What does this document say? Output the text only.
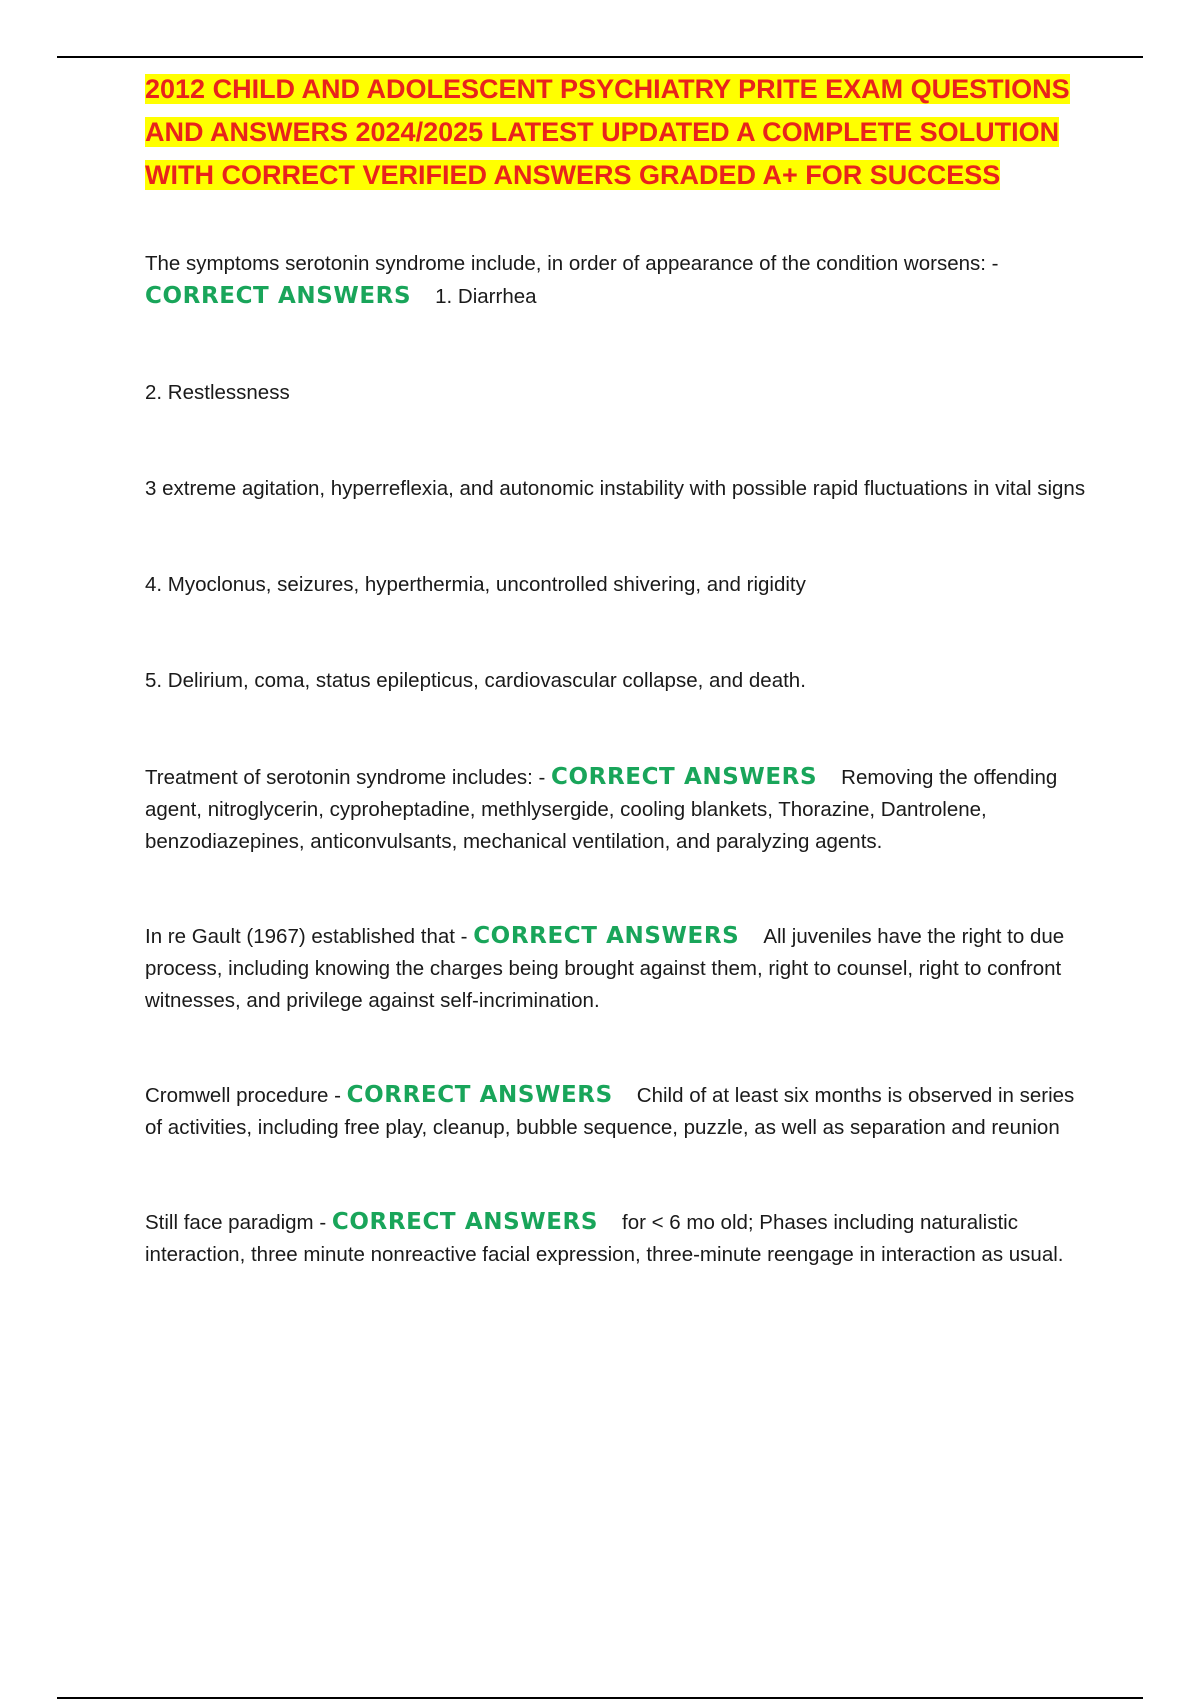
2012 CHILD AND ADOLESCENT PSYCHIATRY PRITE EXAM QUESTIONS AND ANSWERS 2024/2025 LATEST UPDATED A COMPLETE SOLUTION WITH CORRECT VERIFIED ANSWERS GRADED A+ FOR SUCCESS

The symptoms serotonin syndrome include, in order of appearance of the condition worsens: -
CORRECT ANSWERS 1. Diarrhea

2. Restlessness

3 extreme agitation, hyperreflexia, and autonomic instability with possible rapid fluctuations in vital signs

4. Myoclonus, seizures, hyperthermia, uncontrolled shivering, and rigidity

5. Delirium, coma, status epilepticus, cardiovascular collapse, and death.

Treatment of serotonin syndrome includes: - CORRECT ANSWERS Removing the offending agent, nitroglycerin, cyproheptadine, methlysergide, cooling blankets, Thorazine, Dantrolene, benzodiazepines, anticonvulsants, mechanical ventilation, and paralyzing agents.

In re Gault (1967) established that - CORRECT ANSWERS All juveniles have the right to due process, including knowing the charges being brought against them, right to counsel, right to confront witnesses, and privilege against self-incrimination.

Cromwell procedure - CORRECT ANSWERS Child of at least six months is observed in series of activities, including free play, cleanup, bubble sequence, puzzle, as well as separation and reunion

Still face paradigm - CORRECT ANSWERS for < 6 mo old; Phases including naturalistic interaction, three minute nonreactive facial expression, three-minute reengage in interaction as usual.
